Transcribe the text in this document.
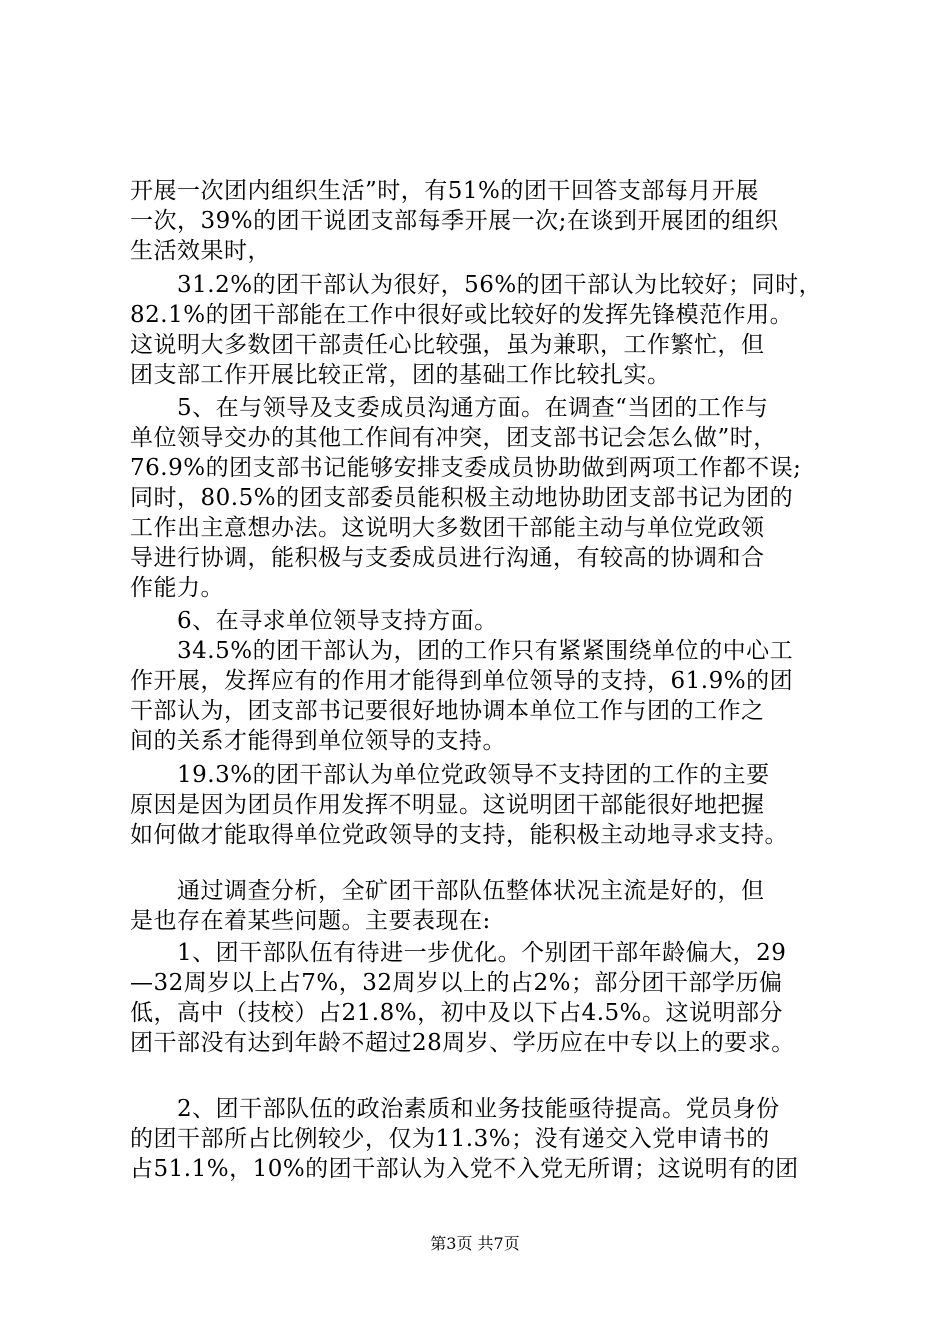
开展一次团内组织生活”时，有51%的团干回答支部每月开展
一次，39%的团干说团支部每季开展一次;在谈到开展团的组织
生活效果时，
　　31.2%的团干部认为很好，56%的团干部认为比较好；同时，
82.1%的团干部能在工作中很好或比较好的发挥先锋模范作用。
这说明大多数团干部责任心比较强，虽为兼职，工作繁忙，但
团支部工作开展比较正常，团的基础工作比较扎实。
　　5、在与领导及支委成员沟通方面。在调查“当团的工作与
单位领导交办的其他工作间有冲突，团支部书记会怎么做”时，
76.9%的团支部书记能够安排支委成员协助做到两项工作都不误;
同时，80.5%的团支部委员能积极主动地协助团支部书记为团的
工作出主意想办法。这说明大多数团干部能主动与单位党政领
导进行协调，能积极与支委成员进行沟通，有较高的协调和合
作能力。
　　6、在寻求单位领导支持方面。
　　34.5%的团干部认为，团的工作只有紧紧围绕单位的中心工
作开展，发挥应有的作用才能得到单位领导的支持，61.9%的团
干部认为，团支部书记要很好地协调本单位工作与团的工作之
间的关系才能得到单位领导的支持。
　　19.3%的团干部认为单位党政领导不支持团的工作的主要
原因是因为团员作用发挥不明显。这说明团干部能很好地把握
如何做才能取得单位党政领导的支持，能积极主动地寻求支持。
　　通过调查分析，全矿团干部队伍整体状况主流是好的，但
是也存在着某些问题。主要表现在:
　　1、团干部队伍有待进一步优化。个别团干部年龄偏大，29
—32周岁以上占7%，32周岁以上的占2%；部分团干部学历偏
低，高中（技校）占21.8%，初中及以下占4.5%。这说明部分
团干部没有达到年龄不超过28周岁、学历应在中专以上的要求。
　　2、团干部队伍的政治素质和业务技能亟待提高。党员身份
的团干部所占比例较少，仅为11.3%；没有递交入党申请书的
占51.1%，10%的团干部认为入党不入党无所谓；这说明有的团
第3页 共7页
